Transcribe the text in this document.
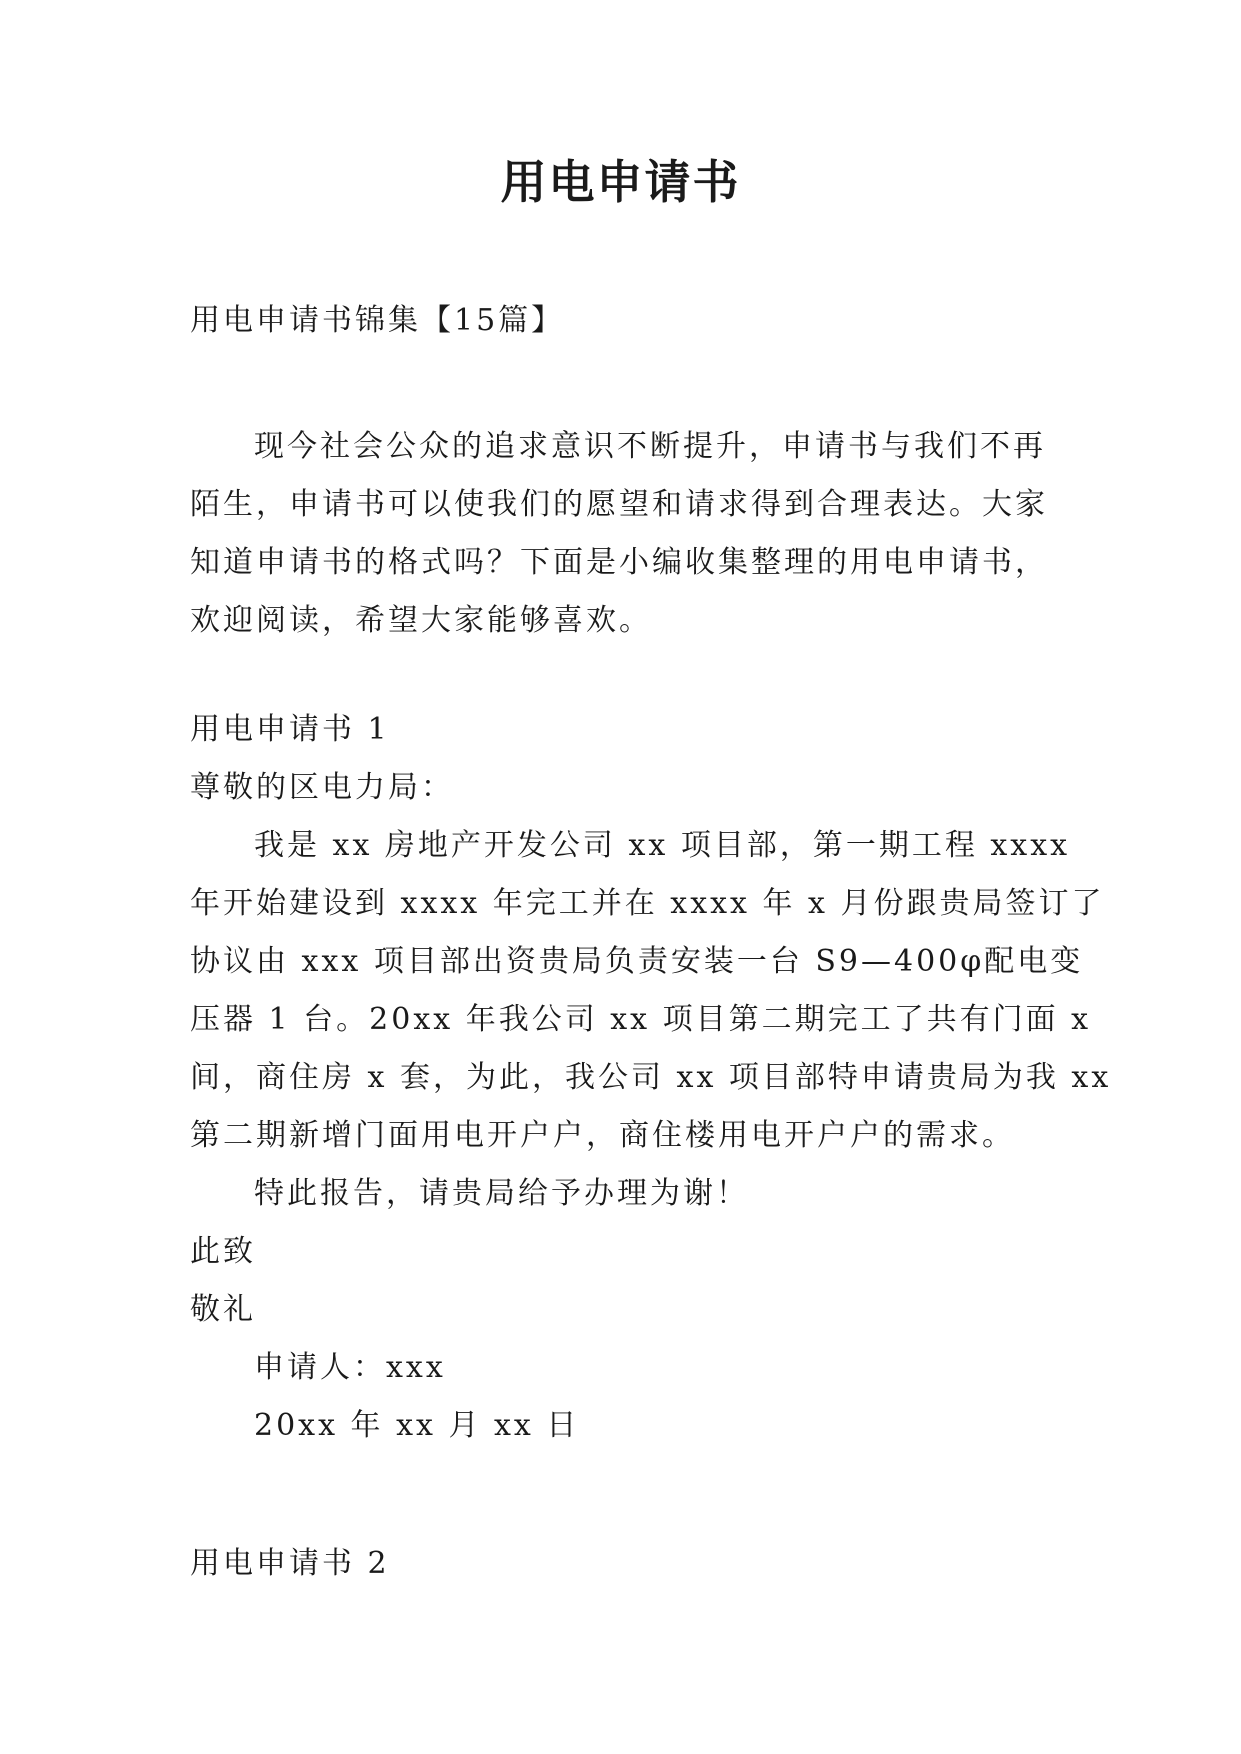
用电申请书

用电申请书锦集【15篇】

现今社会公众的追求意识不断提升，申请书与我们不再

陌生，申请书可以使我们的愿望和请求得到合理表达。大家

知道申请书的格式吗？下面是小编收集整理的用电申请书，

欢迎阅读，希望大家能够喜欢。

用电申请书 1

尊敬的区电力局：

我是 xx 房地产开发公司 xx 项目部，第一期工程 xxxx

年开始建设到 xxxx 年完工并在 xxxx 年 x 月份跟贵局签订了

协议由 xxx 项目部出资贵局负责安装一台 S9—400φ配电变

压器 1 台。20xx 年我公司 xx 项目第二期完工了共有门面 x

间，商住房 x 套，为此，我公司 xx 项目部特申请贵局为我 xx

第二期新增门面用电开户户，商住楼用电开户户的需求。

特此报告，请贵局给予办理为谢！

此致

敬礼

申请人：xxx

20xx 年 xx 月 xx 日

用电申请书 2
